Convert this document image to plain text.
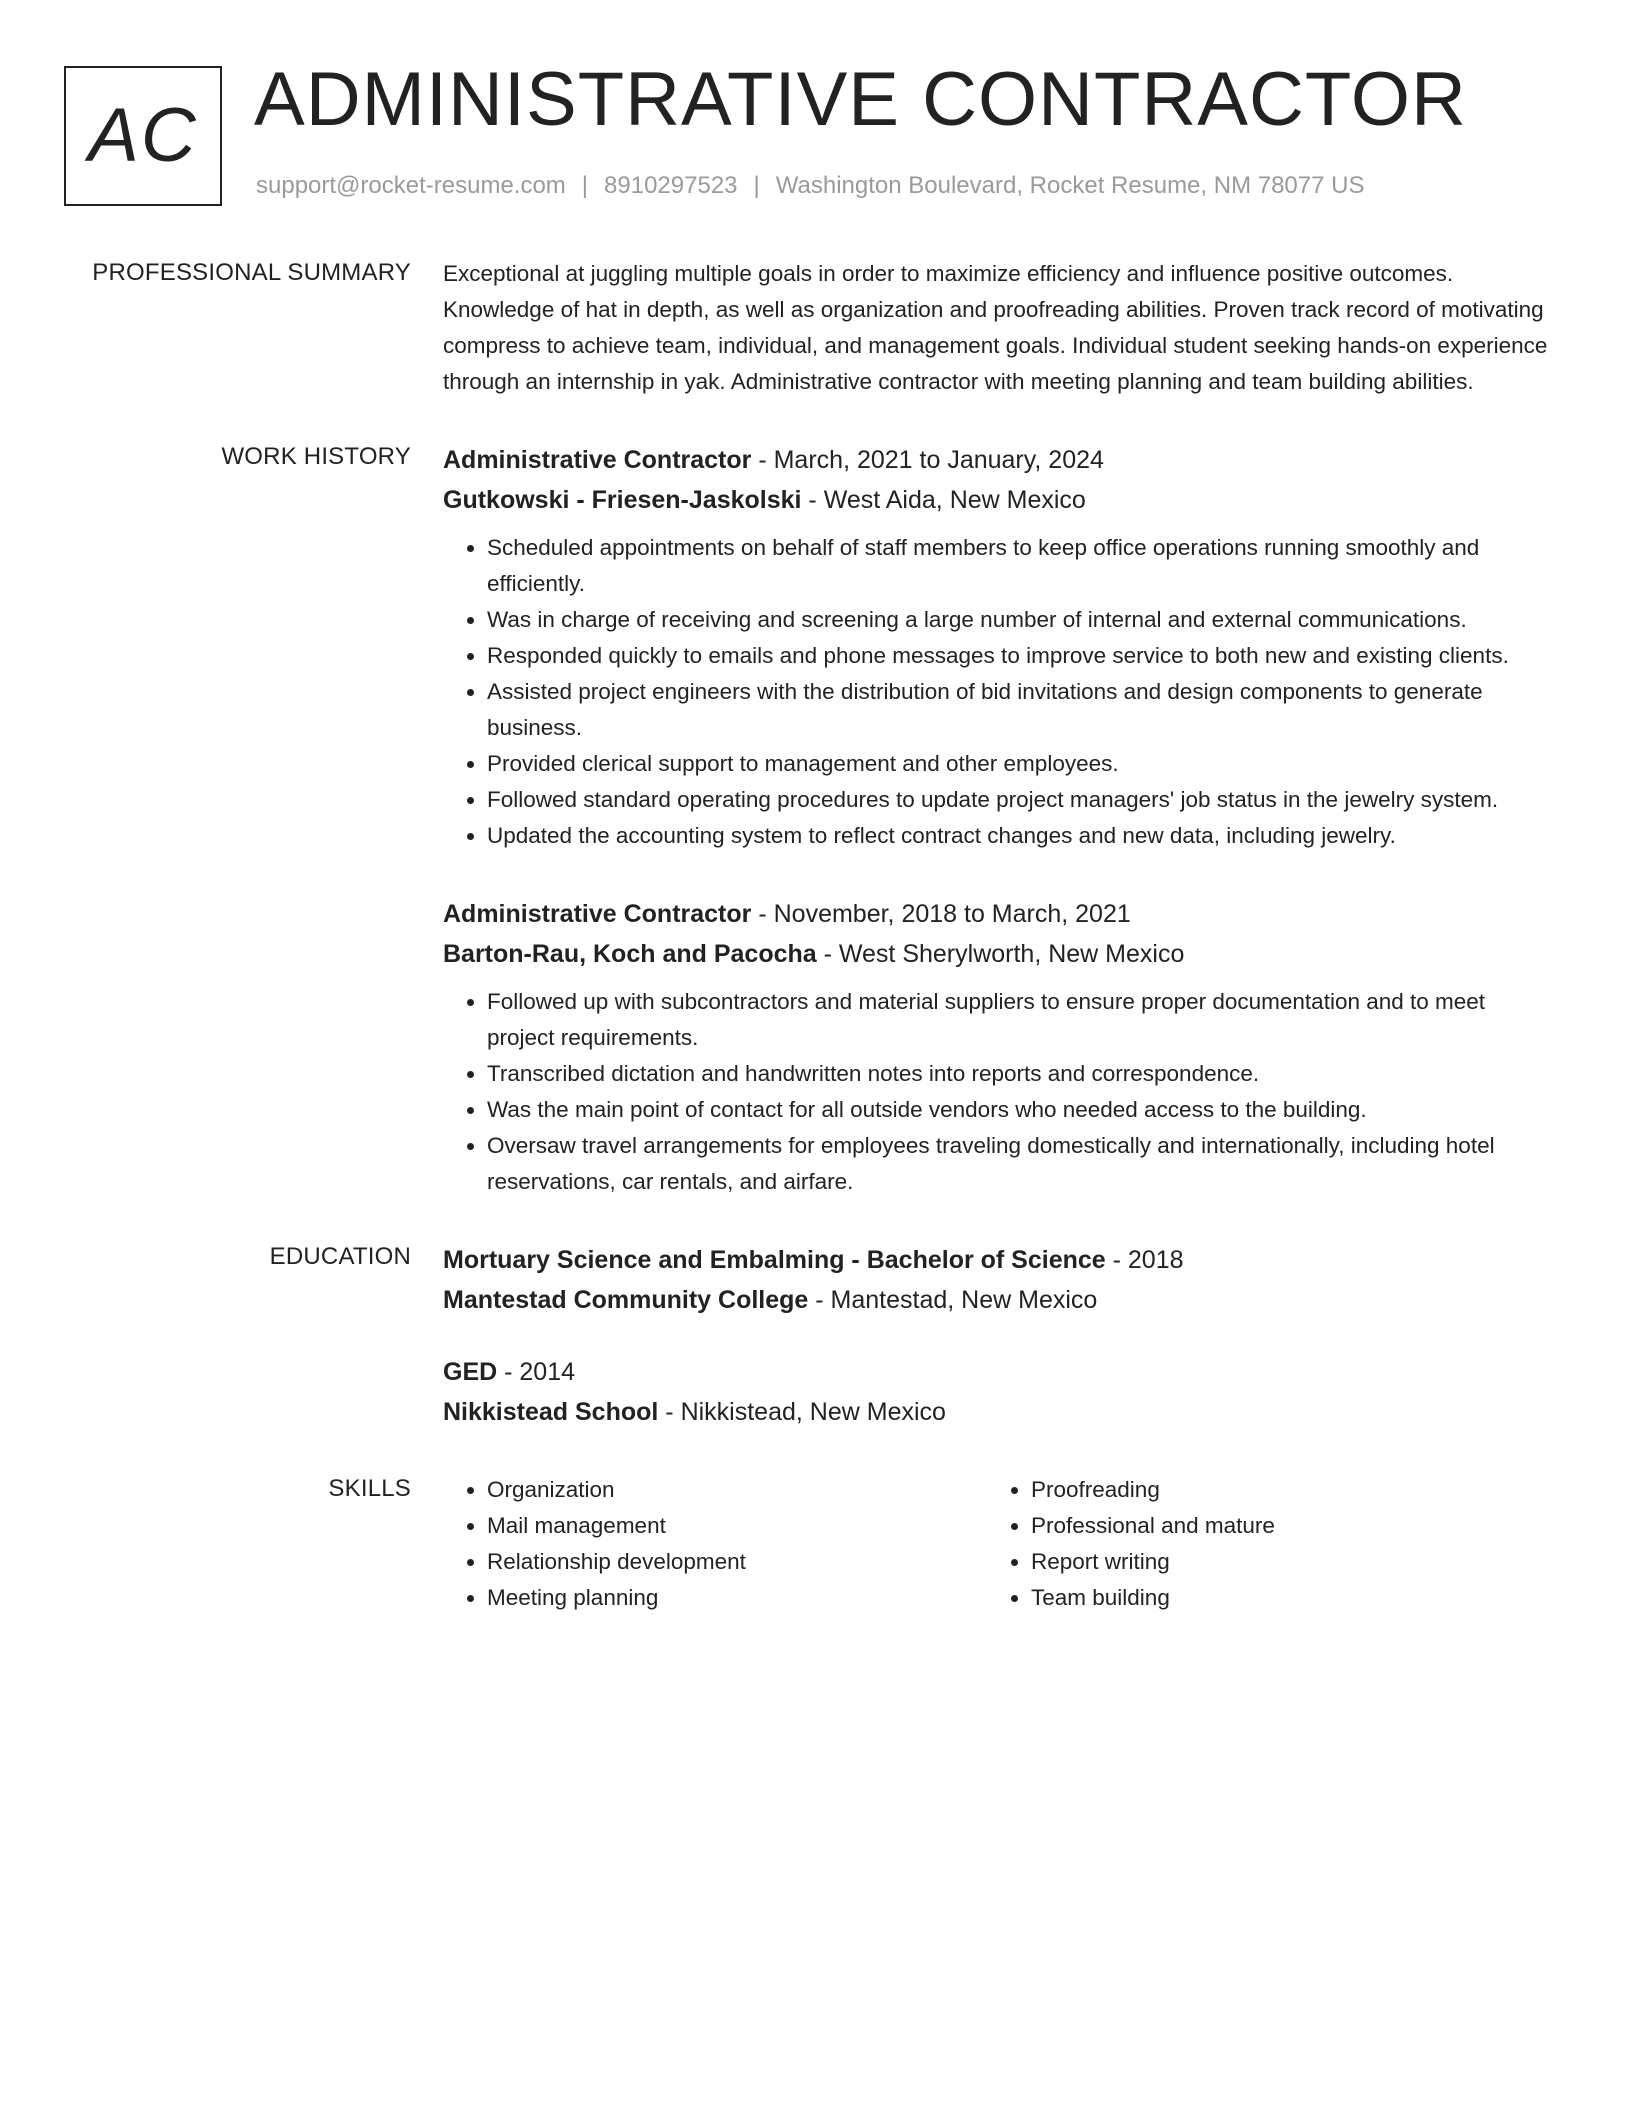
AC ADMINISTRATIVE CONTRACTOR
support@rocket-resume.com | 8910297523 | Washington Boulevard, Rocket Resume, NM 78077 US
PROFESSIONAL SUMMARY Exceptional at juggling multiple goals in order to maximize efficiency and influence positive outcomes. Knowledge of hat in depth, as well as organization and proofreading abilities. Proven track record of motivating compress to achieve team, individual, and management goals. Individual student seeking hands-on experience through an internship in yak. Administrative contractor with meeting planning and team building abilities.

WORK HISTORY Administrative Contractor - March, 2021 to January, 2024
Gutkowski - Friesen-Jaskolski - West Aida, New Mexico
• Scheduled appointments on behalf of staff members to keep office operations running smoothly and efficiently.
• Was in charge of receiving and screening a large number of internal and external communications.
• Responded quickly to emails and phone messages to improve service to both new and existing clients.
• Assisted project engineers with the distribution of bid invitations and design components to generate business.
• Provided clerical support to management and other employees.
• Followed standard operating procedures to update project managers' job status in the jewelry system.
• Updated the accounting system to reflect contract changes and new data, including jewelry.
Administrative Contractor - November, 2018 to March, 2021
Barton-Rau, Koch and Pacocha - West Sherylworth, New Mexico
• Followed up with subcontractors and material suppliers to ensure proper documentation and to meet project requirements.
• Transcribed dictation and handwritten notes into reports and correspondence.
• Was the main point of contact for all outside vendors who needed access to the building.
• Oversaw travel arrangements for employees traveling domestically and internationally, including hotel reservations, car rentals, and airfare.
EDUCATION Mortuary Science and Embalming - Bachelor of Science - 2018
Mantestad Community College - Mantestad, New Mexico
GED - 2014
Nikkistead School - Nikkistead, New Mexico
SKILLS
•	Organization
• Mail management
• Relationship development
• Meeting planning
• Proofreading
• Professional and mature
• Report writing
• Team building
